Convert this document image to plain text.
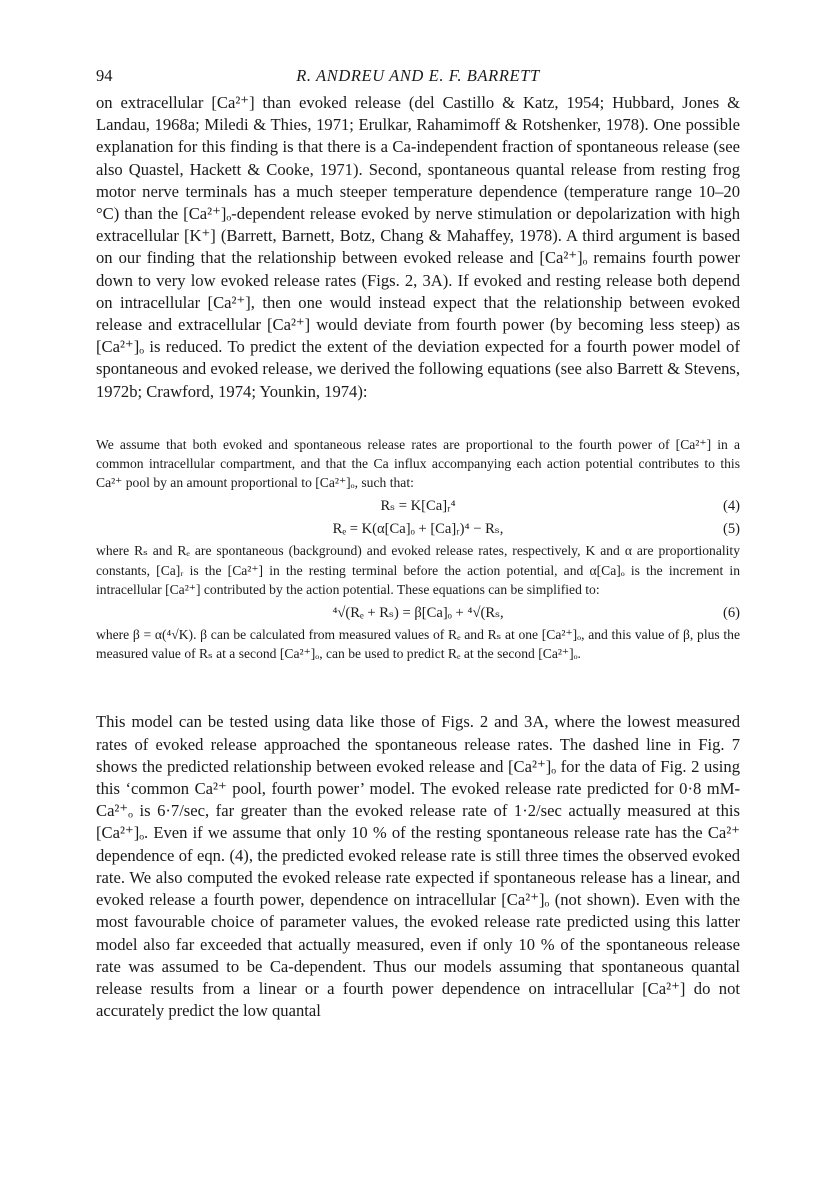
94	R. ANDREU AND E. F. BARRETT

on extracellular [Ca²⁺] than evoked release (del Castillo & Katz, 1954; Hubbard, Jones & Landau, 1968a; Miledi & Thies, 1971; Erulkar, Rahamimoff & Rotshenker, 1978). One possible explanation for this finding is that there is a Ca-independent fraction of spontaneous release (see also Quastel, Hackett & Cooke, 1971). Second, spontaneous quantal release from resting frog motor nerve terminals has a much steeper temperature dependence (temperature range 10–20 °C) than the [Ca²⁺]ₒ-dependent release evoked by nerve stimulation or depolarization with high extracellular [K⁺] (Barrett, Barnett, Botz, Chang & Mahaffey, 1978). A third argument is based on our finding that the relationship between evoked release and [Ca²⁺]ₒ remains fourth power down to very low evoked release rates (Figs. 2, 3A). If evoked and resting release both depend on intracellular [Ca²⁺], then one would instead expect that the relationship between evoked release and extracellular [Ca²⁺] would deviate from fourth power (by becoming less steep) as [Ca²⁺]ₒ is reduced. To predict the extent of the deviation expected for a fourth power model of spontaneous and evoked release, we derived the following equations (see also Barrett & Stevens, 1972b; Crawford, 1974; Younkin, 1974):

We assume that both evoked and spontaneous release rates are proportional to the fourth power of [Ca²⁺] in a common intracellular compartment, and that the Ca influx accompanying each action potential contributes to this Ca²⁺ pool by an amount proportional to [Ca²⁺]ₒ, such that:

Rₛ = K[Ca]ᵣ⁴	(4)
Rₑ = K(α[Ca]ₒ + [Ca]ᵣ)⁴ − Rₛ,	(5)

where Rₛ and Rₑ are spontaneous (background) and evoked release rates, respectively, K and α are proportionality constants, [Ca]ᵣ is the [Ca²⁺] in the resting terminal before the action potential, and α[Ca]ₒ is the increment in intracellular [Ca²⁺] contributed by the action potential. These equations can be simplified to:

⁴√(Rₑ + Rₛ) = β[Ca]ₒ + ⁴√(Rₛ,	(6)

where β = α(⁴√K). β can be calculated from measured values of Rₑ and Rₛ at one [Ca²⁺]ₒ, and this value of β, plus the measured value of Rₛ at a second [Ca²⁺]ₒ, can be used to predict Rₑ at the second [Ca²⁺]ₒ.

This model can be tested using data like those of Figs. 2 and 3A, where the lowest measured rates of evoked release approached the spontaneous release rates. The dashed line in Fig. 7 shows the predicted relationship between evoked release and [Ca²⁺]ₒ for the data of Fig. 2 using this ‘common Ca²⁺ pool, fourth power’ model. The evoked release rate predicted for 0·8 mM-Ca²⁺ₒ is 6·7/sec, far greater than the evoked release rate of 1·2/sec actually measured at this [Ca²⁺]ₒ. Even if we assume that only 10 % of the resting spontaneous release rate has the Ca²⁺ dependence of eqn. (4), the predicted evoked release rate is still three times the observed evoked rate. We also computed the evoked release rate expected if spontaneous release has a linear, and evoked release a fourth power, dependence on intracellular [Ca²⁺]ₒ (not shown). Even with the most favourable choice of parameter values, the evoked release rate predicted using this latter model also far exceeded that actually measured, even if only 10 % of the spontaneous release rate was assumed to be Ca-dependent. Thus our models assuming that spontaneous quantal release results from a linear or a fourth power dependence on intracellular [Ca²⁺] do not accurately predict the low quantal
